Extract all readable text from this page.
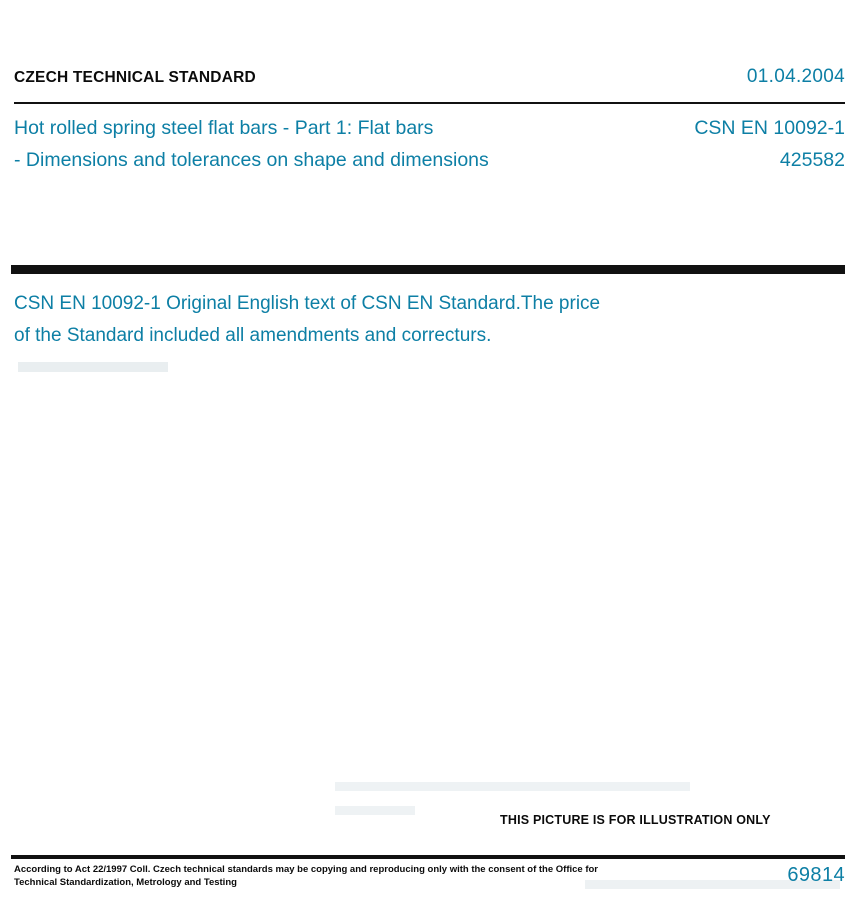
CZECH TECHNICAL STANDARD	01.04.2004
Hot rolled spring steel flat bars - Part 1: Flat bars
- Dimensions and tolerances on shape and dimensions
CSN EN 10092-1
425582
CSN EN 10092-1 Original English text of CSN EN Standard.The price
of the Standard included all amendments and correcturs.
THIS PICTURE IS FOR ILLUSTRATION ONLY
According to Act 22/1997 Coll. Czech technical standards may be copying and reproducing only with the consent of the Office for Technical Standardization, Metrology and Testing	69814
